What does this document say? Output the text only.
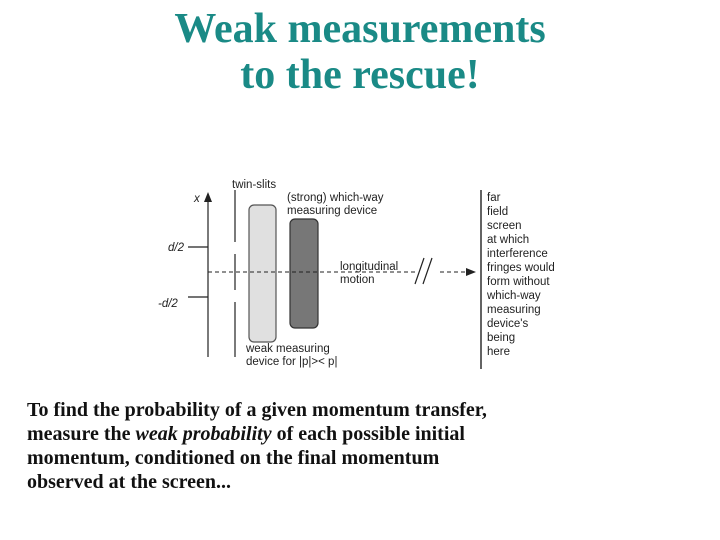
Weak measurements
to the rescue!
x
d/2
-d/2
twin-slits
(strong) which-way
measuring device
longitudinal
motion
weak measuring
device for |p|>< p|
far
field
screen
at which
interference
fringes would
form without
which-way
measuring
device's
being
here
To find the probability of a given momentum transfer,
measure the weak probability of each possible initial
momentum, conditioned on the final momentum
observed at the screen...
